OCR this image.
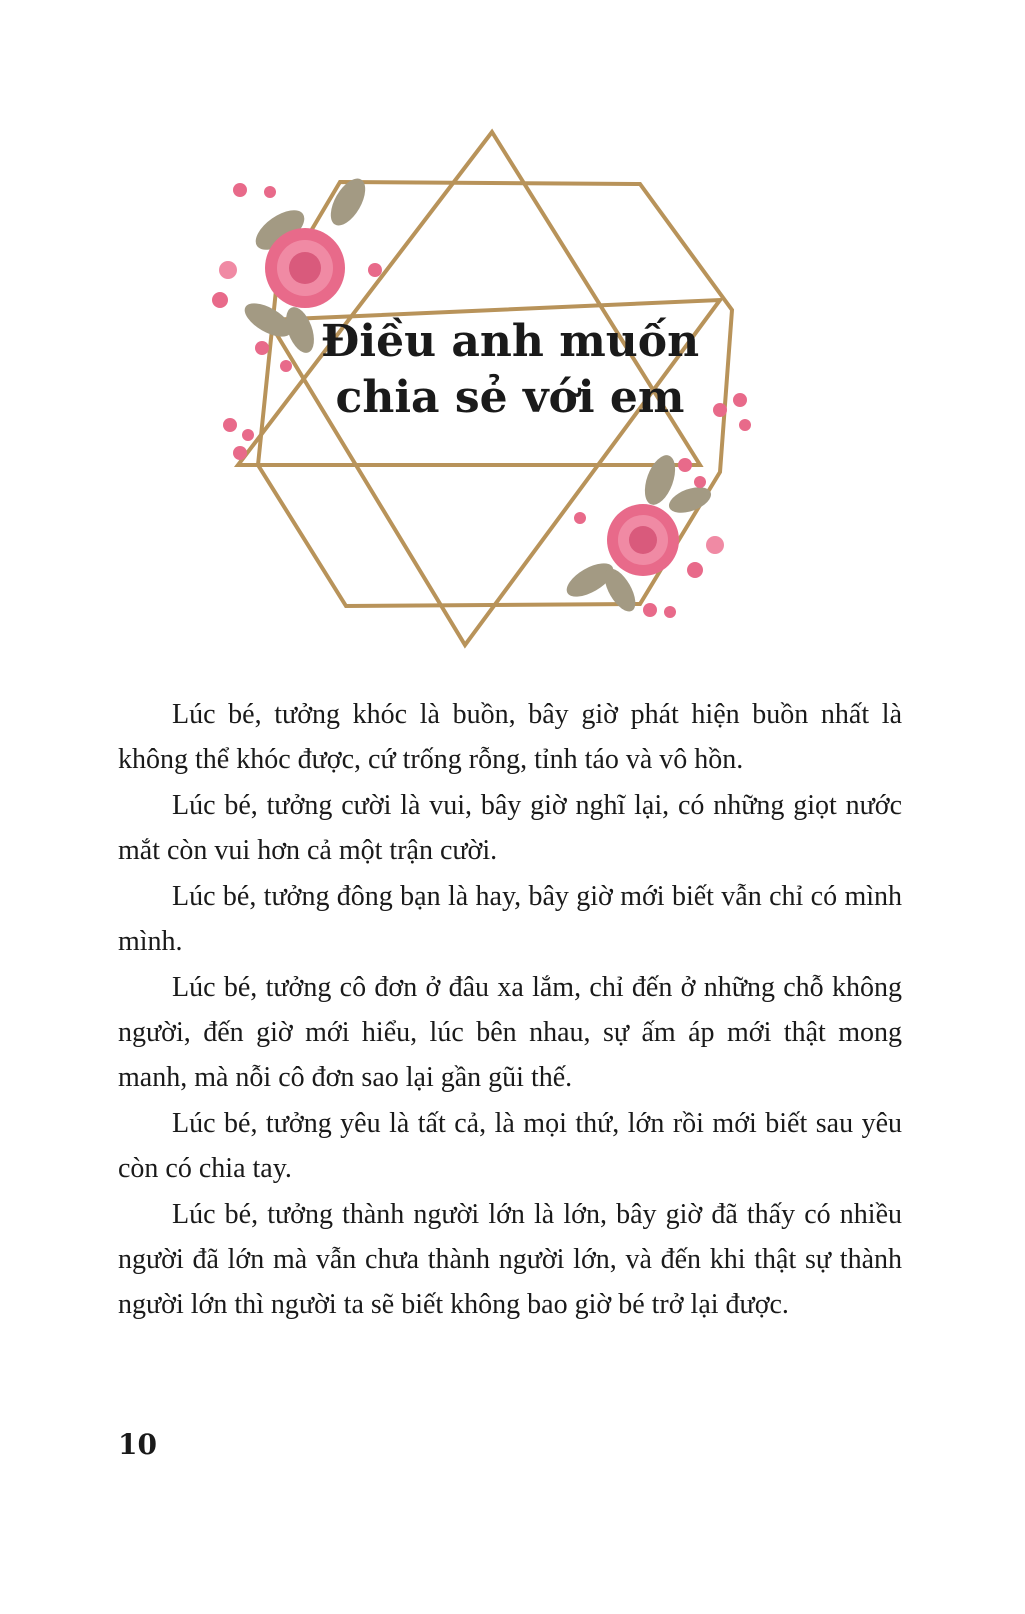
Điều anh muốn
chia sẻ với em

Lúc bé, tưởng khóc là buồn, bây giờ phát hiện buồn nhất là không thể khóc được, cứ trống rỗng, tỉnh táo và vô hồn.

Lúc bé, tưởng cười là vui, bây giờ nghĩ lại, có những giọt nước mắt còn vui hơn cả một trận cười.

Lúc bé, tưởng đông bạn là hay, bây giờ mới biết vẫn chỉ có mình mình.

Lúc bé, tưởng cô đơn ở đâu xa lắm, chỉ đến ở những chỗ không người, đến giờ mới hiểu, lúc bên nhau, sự ấm áp mới thật mong manh, mà nỗi cô đơn sao lại gần gũi thế.

Lúc bé, tưởng yêu là tất cả, là mọi thứ, lớn rồi mới biết sau yêu còn có chia tay.

Lúc bé, tưởng thành người lớn là lớn, bây giờ đã thấy có nhiều người đã lớn mà vẫn chưa thành người lớn, và đến khi thật sự thành người lớn thì người ta sẽ biết không bao giờ bé trở lại được.

10
